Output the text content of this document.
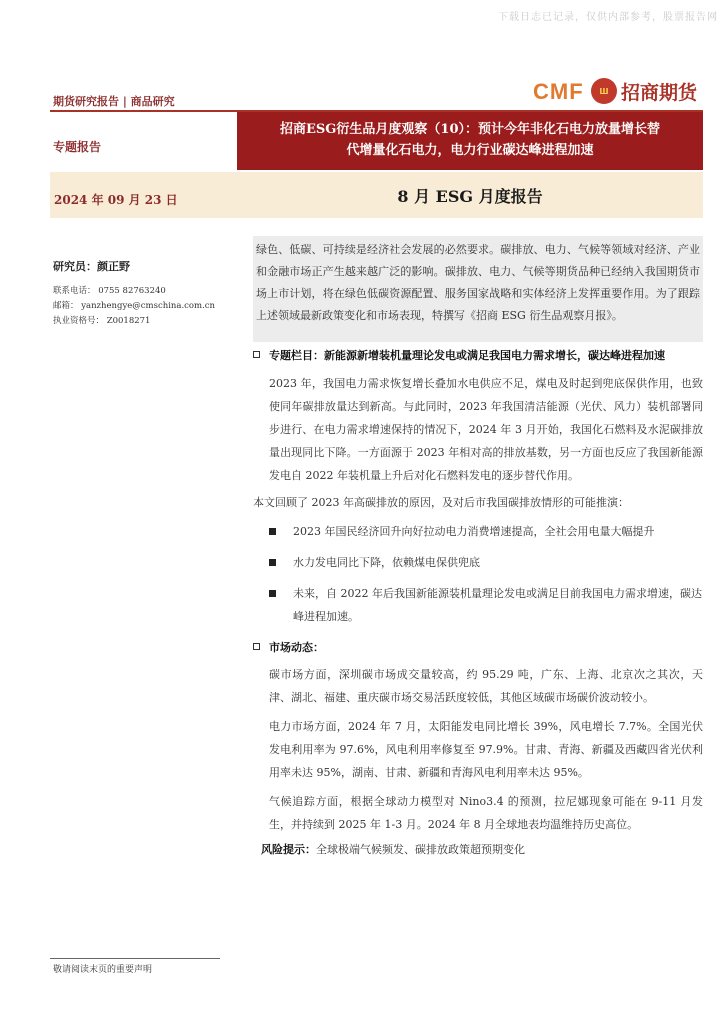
下载日志已记录，仅供内部参考，股票报告网
期货研究报告 | 商品研究	CMF	ш 招商期货
专题报告
招商ESG衍生品月度观察（10）：预计今年非化石电力放量增长替
代增量化石电力，电力行业碳达峰进程加速
2024 年 09 月 23 日	8 月 ESG 月度报告
研究员：颜正野
联系电话： 0755 82763240
邮箱： yanzhengye@cmschina.com.cn
执业资格号： Z0018271
绿色、低碳、可持续是经济社会发展的必然要求。碳排放、电力、气候等领域对经济、产业和金融市场正产生越来越广泛的影响。碳排放、电力、气候等期货品种已经纳入我国期货市场上市计划，将在绿色低碳资源配置、服务国家战略和实体经济上发挥重要作用。为了跟踪上述领域最新政策变化和市场表现，特撰写《招商 ESG 衍生品观察月报》。
专题栏目：新能源新增装机量理论发电或满足我国电力需求增长，碳达峰进程加速
2023 年，我国电力需求恢复增长叠加水电供应不足，煤电及时起到兜底保供作用，也致使同年碳排放量达到新高。与此同时，2023 年我国清洁能源（光伏、风力）装机部署同步进行、在电力需求增速保持的情况下，2024 年 3 月开始，我国化石燃料及水泥碳排放量出现同比下降。一方面源于 2023 年相对高的排放基数，另一方面也反应了我国新能源发电自 2022 年装机量上升后对化石燃料发电的逐步替代作用。
本文回顾了 2023 年高碳排放的原因，及对后市我国碳排放情形的可能推演：
2023 年国民经济回升向好拉动电力消费增速提高，全社会用电量大幅提升
水力发电同比下降，依赖煤电保供兜底
未来，自 2022 年后我国新能源装机量理论发电或满足目前我国电力需求增速，碳达峰进程加速。
市场动态：
碳市场方面，深圳碳市场成交量较高，约 95.29 吨，广东、上海、北京次之其次，天津、湖北、福建、重庆碳市场交易活跃度较低，其他区域碳市场碳价波动较小。
电力市场方面，2024 年 7 月，太阳能发电同比增长 39%，风电增长 7.7%。全国光伏发电利用率为 97.6%，风电利用率修复至 97.9%。甘肃、青海、新疆及西藏四省光伏利用率未达 95%，湖南、甘肃、新疆和青海风电利用率未达 95%。
气候追踪方面，根据全球动力模型对 Nino3.4 的预测，拉尼娜现象可能在 9-11 月发生，并持续到 2025 年 1-3 月。2024 年 8 月全球地表均温维持历史高位。
风险提示：全球极端气候频发、碳排放政策超预期变化
敬请阅读末页的重要声明
